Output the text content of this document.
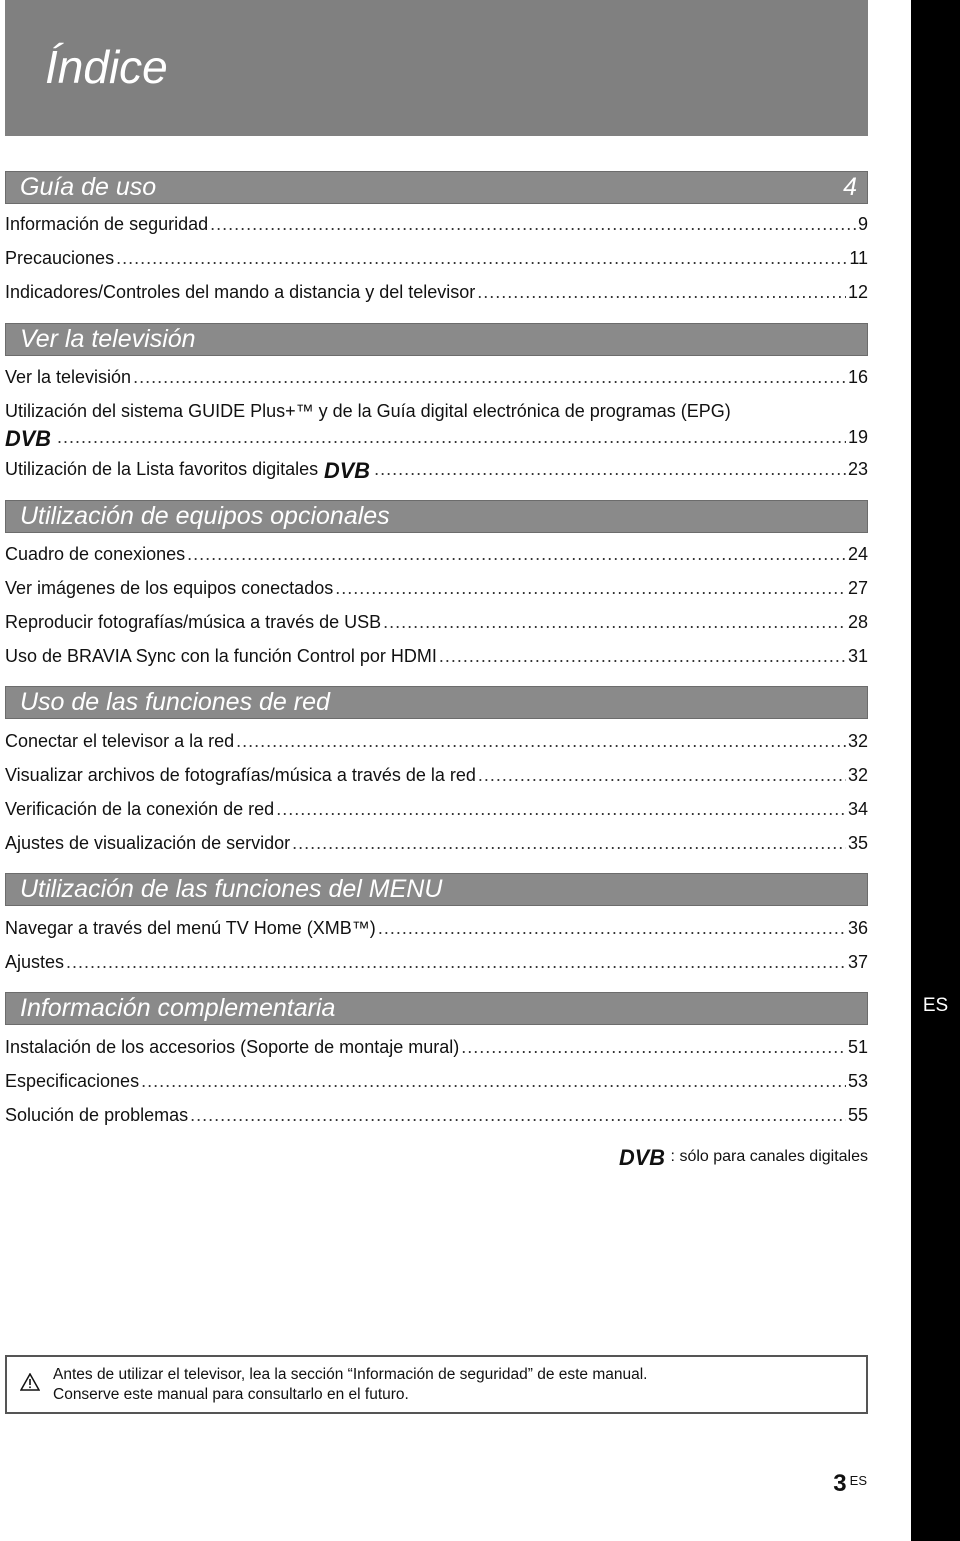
ES
Índice
Guía de uso	4
Información de seguridad .....	9
Precauciones .....	11
Indicadores/Controles del mando a distancia y del televisor .....	12
Ver la televisión
Ver la televisión .....	16
Utilización del sistema GUIDE Plus+™ y de la Guía digital electrónica de programas (EPG)
DVB .....	19
Utilización de la Lista favoritos digitales DVB .....	23
Utilización de equipos opcionales
Cuadro de conexiones .....	24
Ver imágenes de los equipos conectados .....	27
Reproducir fotografías/música a través de USB .....	28
Uso de BRAVIA Sync con la función Control por HDMI .....	31
Uso de las funciones de red
Conectar el televisor a la red .....	32
Visualizar archivos de fotografías/música a través de la red .....	32
Verificación de la conexión de red .....	34
Ajustes de visualización de servidor .....	35
Utilización de las funciones del MENU
Navegar a través del menú TV Home (XMB™) .....	36
Ajustes .....	37
Información complementaria
Instalación de los accesorios (Soporte de montaje mural) .....	51
Especificaciones .....	53
Solución de problemas .....	55
DVB : sólo para canales digitales
Antes de utilizar el televisor, lea la sección “Información de seguridad” de este manual.
Conserve este manual para consultarlo en el futuro.
3 ES
